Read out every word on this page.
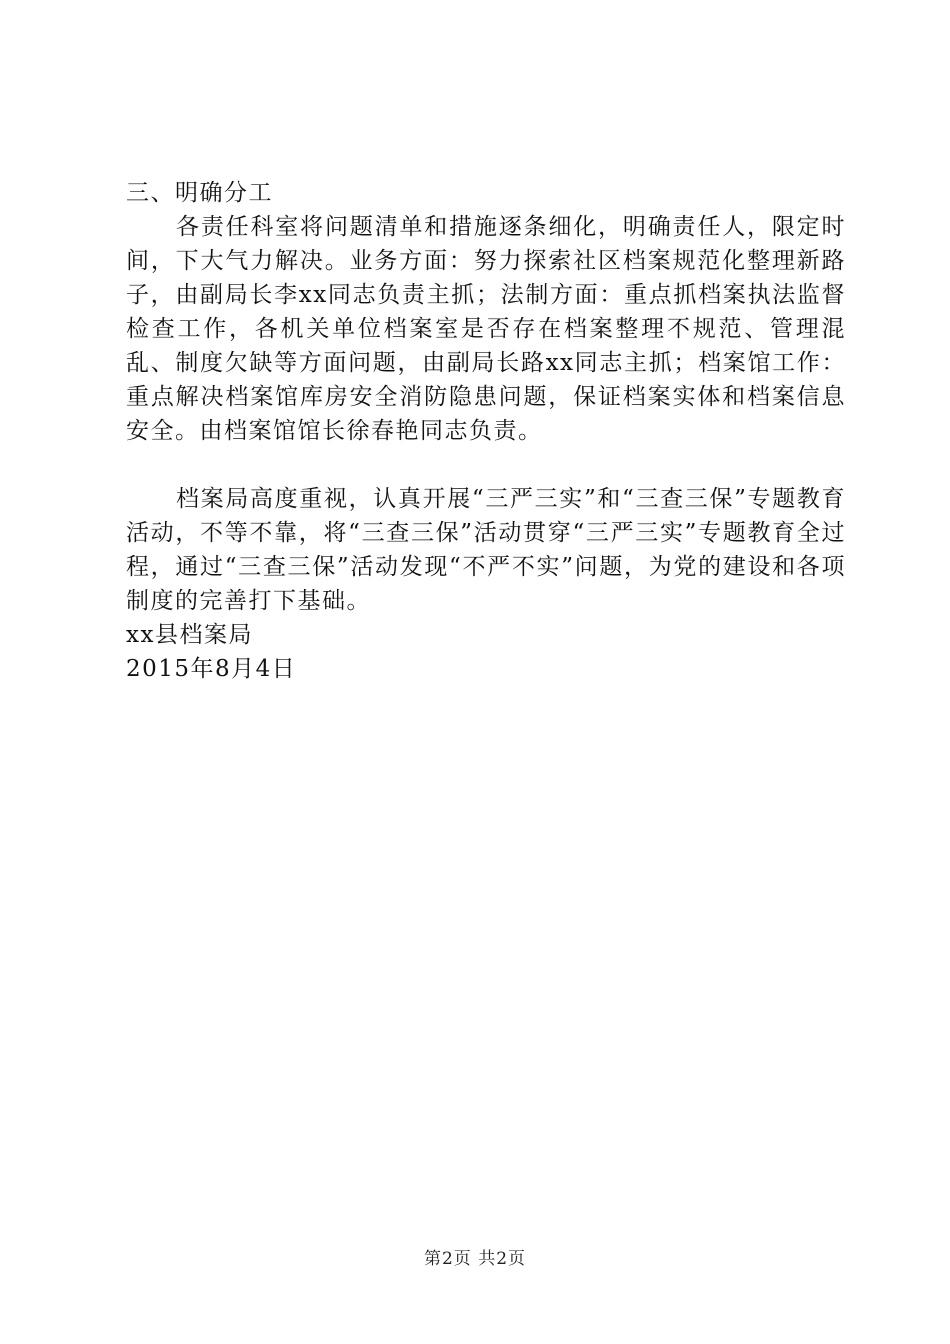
三、明确分工

各责任科室将问题清单和措施逐条细化，明确责任人，限定时间，下大气力解决。业务方面：努力探索社区档案规范化整理新路子，由副局长李xx同志负责主抓；法制方面：重点抓档案执法监督检查工作，各机关单位档案室是否存在档案整理不规范、管理混乱、制度欠缺等方面问题，由副局长路xx同志主抓；档案馆工作：重点解决档案馆库房安全消防隐患问题，保证档案实体和档案信息安全。由档案馆馆长徐春艳同志负责。

档案局高度重视，认真开展“三严三实”和“三查三保”专题教育活动，不等不靠，将“三查三保”活动贯穿“三严三实”专题教育全过程，通过“三查三保”活动发现“不严不实”问题，为党的建设和各项制度的完善打下基础。

xx县档案局

2015年8月4日

第2页 共2页
